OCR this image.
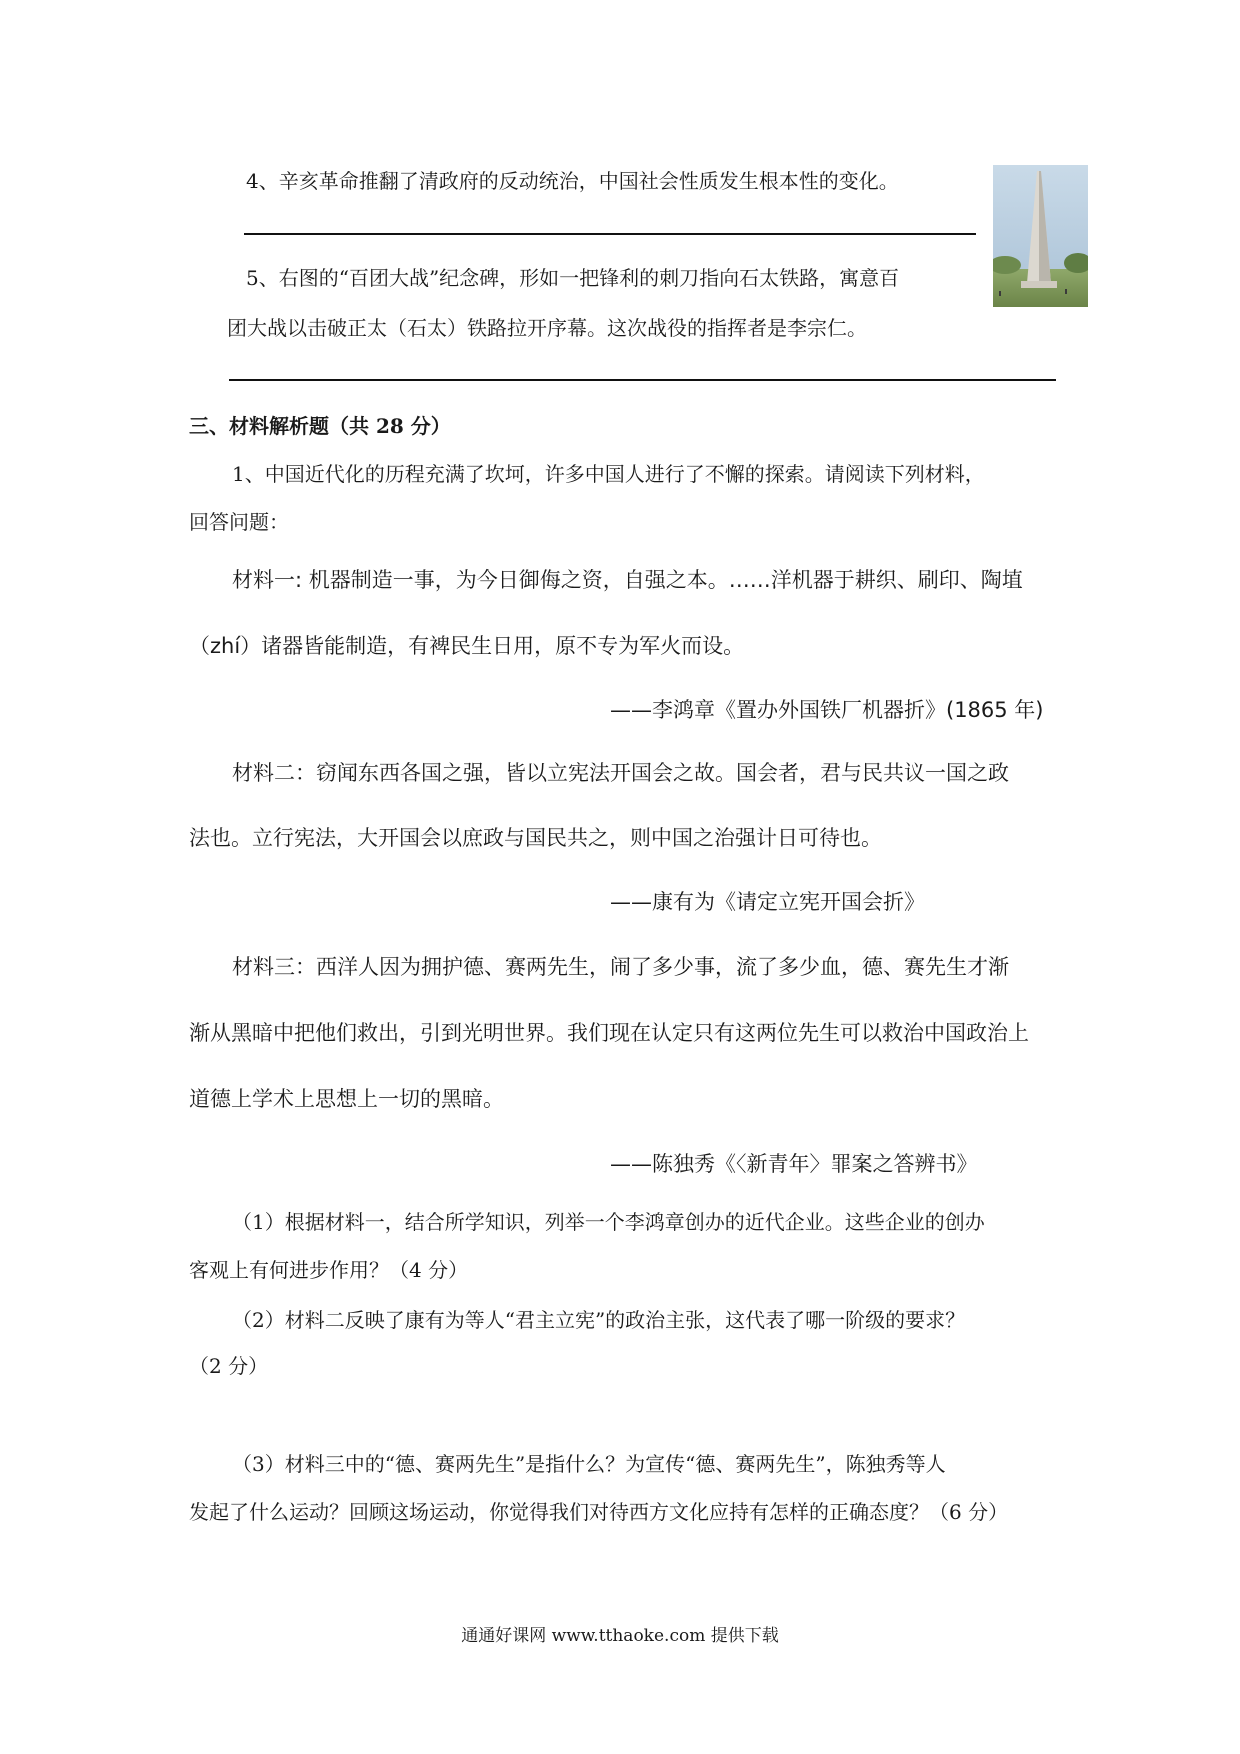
4、辛亥革命推翻了清政府的反动统治，中国社会性质发生根本性的变化。
5、右图的“百团大战”纪念碑，形如一把锋利的刺刀指向石太铁路，寓意百
团大战以击破正太（石太）铁路拉开序幕。这次战役的指挥者是李宗仁。
三、材料解析题（共 28 分）
1、中国近代化的历程充满了坎坷，许多中国人进行了不懈的探索。请阅读下列材料，
回答问题：
材料一: 机器制造一事，为今日御侮之资，自强之本。……洋机器于耕织、刷印、陶埴
（zhí）诸器皆能制造，有裨民生日用，原不专为军火而设。
——李鸿章《置办外国铁厂机器折》(1865 年)
材料二：窃闻东西各国之强，皆以立宪法开国会之故。国会者，君与民共议一国之政
法也。立行宪法，大开国会以庶政与国民共之，则中国之治强计日可待也。
——康有为《请定立宪开国会折》
材料三：西洋人因为拥护德、赛两先生，闹了多少事，流了多少血，德、赛先生才渐
渐从黑暗中把他们救出，引到光明世界。我们现在认定只有这两位先生可以救治中国政治上
道德上学术上思想上一切的黑暗。
——陈独秀《〈新青年〉罪案之答辨书》
（1）根据材料一，结合所学知识，列举一个李鸿章创办的近代企业。这些企业的创办
客观上有何进步作用？（4 分）
（2）材料二反映了康有为等人“君主立宪”的政治主张，这代表了哪一阶级的要求？
（2 分）
（3）材料三中的“德、赛两先生”是指什么？为宣传“德、赛两先生”，陈独秀等人
发起了什么运动？回顾这场运动，你觉得我们对待西方文化应持有怎样的正确态度？（6 分）
通通好课网 www.tthaoke.com 提供下载
